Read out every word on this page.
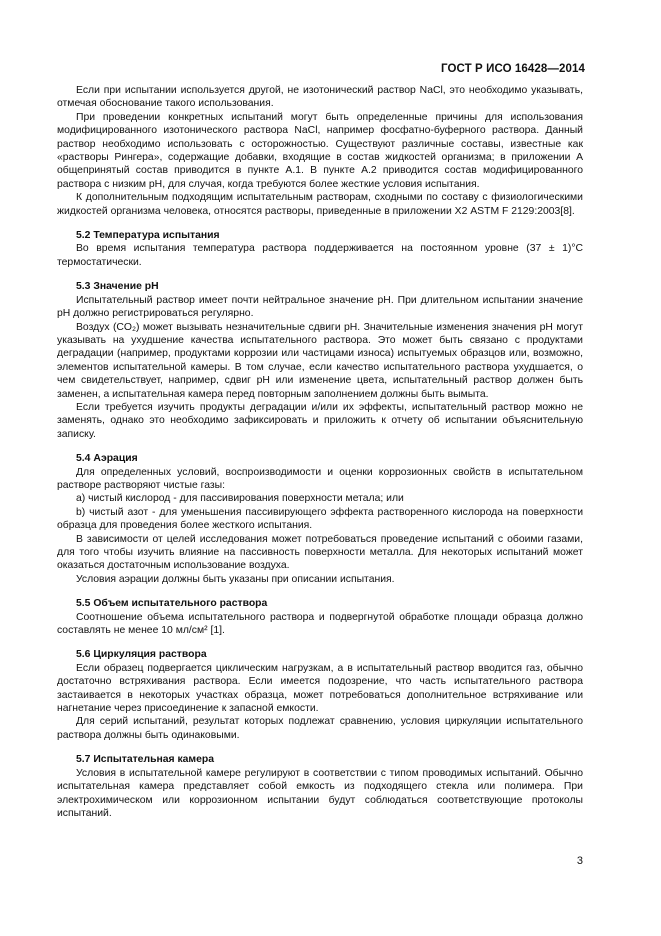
ГОСТ Р ИСО 16428—2014

Если при испытании используется другой, не изотонический раствор NaCl, это необходимо указывать, отмечая обоснование такого использования.

При проведении конкретных испытаний могут быть определенные причины для использования модифицированного изотонического раствора NaCl, например фосфатно-буферного раствора. Данный раствор необходимо использовать с осторожностью. Существуют различные составы, известные как «растворы Рингера», содержащие добавки, входящие в состав жидкостей организма; в приложении А общепринятый состав приводится в пункте А.1. В пункте А.2 приводится состав модифицированного раствора с низким рН, для случая, когда требуются более жесткие условия испытания.

К дополнительным подходящим испытательным растворам, сходными по составу с физиологическими жидкостей организма человека, относятся растворы, приведенные в приложении Х2 ASTM F 2129:2003[8].

5.2 Температура испытания

Во время испытания температура раствора поддерживается на постоянном уровне (37 ± 1)°С термостатически.

5.3 Значение рН

Испытательный раствор имеет почти нейтральное значение рН. При длительном испытании значение рН должно регистрироваться регулярно.

Воздух (CO₂) может вызывать незначительные сдвиги рН. Значительные изменения значения рН могут указывать на ухудшение качества испытательного раствора. Это может быть связано с продуктами деградации (например, продуктами коррозии или частицами износа) испытуемых образцов или, возможно, элементов испытательной камеры. В том случае, если качество испытательного раствора ухудшается, о чем свидетельствует, например, сдвиг рН или изменение цвета, испытательный раствор должен быть заменен, а испытательная камера перед повторным заполнением должны быть вымыта.

Если требуется изучить продукты деградации и/или их эффекты, испытательный раствор можно не заменять, однако это необходимо зафиксировать и приложить к отчету об испытании объяснительную записку.

5.4 Аэрация

Для определенных условий, воспроизводимости и оценки коррозионных свойств в испытательном растворе растворяют чистые газы:

а) чистый кислород - для пассивирования поверхности метала; или

b) чистый азот - для уменьшения пассивирующего эффекта растворенного кислорода на поверхности образца для проведения более жесткого испытания.

В зависимости от целей исследования может потребоваться проведение испытаний с обоими газами, для того чтобы изучить влияние на пассивность поверхности металла. Для некоторых испытаний может оказаться достаточным использование воздуха.

Условия аэрации должны быть указаны при описании испытания.

5.5 Объем испытательного раствора

Соотношение объема испытательного раствора и подвергнутой обработке площади образца должно составлять не менее 10 мл/см² [1].

5.6 Циркуляция раствора

Если образец подвергается циклическим нагрузкам, а в испытательный раствор вводится газ, обычно достаточно встряхивания раствора. Если имеется подозрение, что часть испытательного раствора застаивается в некоторых участках образца, может потребоваться дополнительное встряхивание или нагнетание через присоединение к запасной емкости.

Для серий испытаний, результат которых подлежат сравнению, условия циркуляции испытательного раствора должны быть одинаковыми.

5.7 Испытательная камера

Условия в испытательной камере регулируют в соответствии с типом проводимых испытаний. Обычно испытательная камера представляет собой емкость из подходящего стекла или полимера. При электрохимическом или коррозионном испытании будут соблюдаться соответствующие протоколы испытаний.

3
